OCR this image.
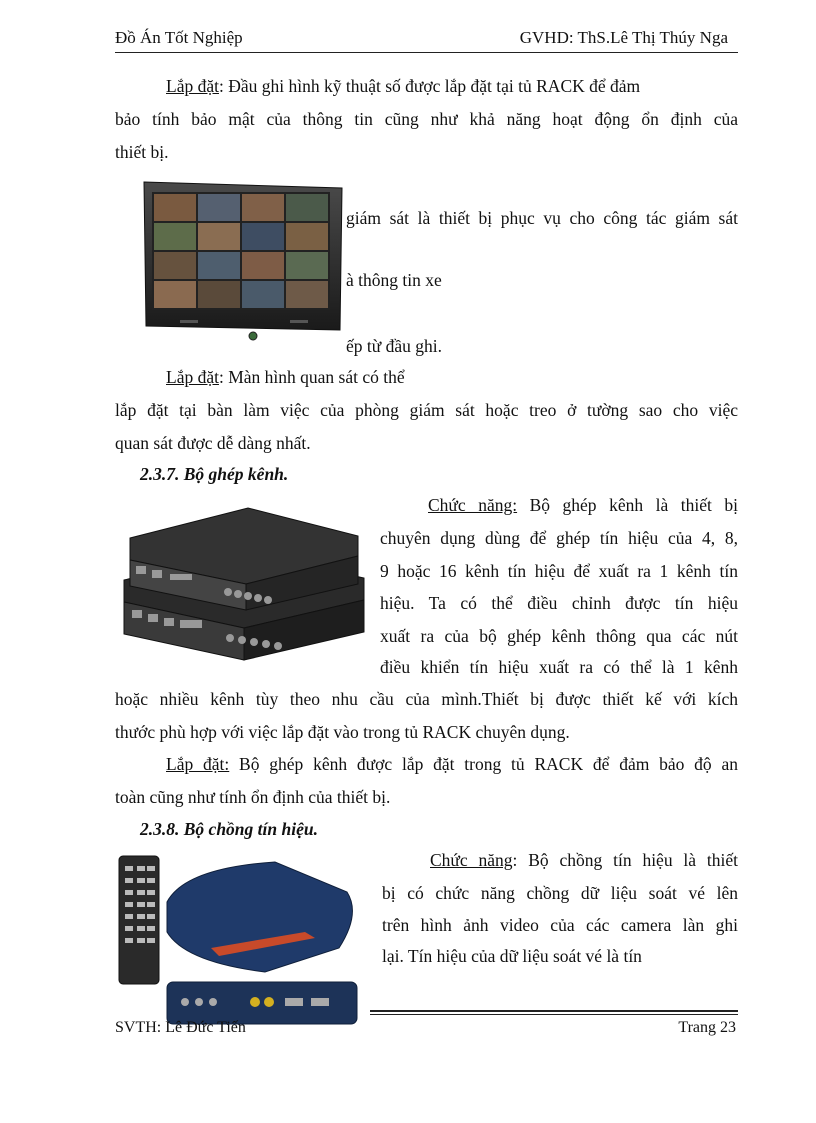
Đồ Án Tốt Nghiệp	GVHD: ThS.Lê Thị Thúy Nga
Lắp đặt: Đầu ghi hình kỹ thuật số được lắp đặt tại tủ RACK để đảm
bảo tính bảo mật của thông tin cũng như khả năng hoạt động ổn định của
thiết bị.
giám sát là thiết bị phục vụ cho công tác giám sát
à thông tin xe
ếp từ đầu ghi.
Lắp đặt: Màn hình quan sát có thể
lắp đặt tại bàn làm việc của phòng giám sát hoặc treo ở tường sao cho việc
quan sát được dễ dàng nhất.
2.3.7. Bộ ghép kênh.
Chức năng: Bộ ghép kênh là thiết bị
chuyên dụng dùng để ghép tín hiệu của 4, 8,
9 hoặc 16 kênh tín hiệu để xuất ra 1 kênh tín
hiệu. Ta có thể điều chỉnh được tín hiệu
xuất ra của bộ ghép kênh thông qua các nút
điều khiển tín hiệu xuất ra có thể là 1 kênh
hoặc nhiều kênh tùy theo nhu cầu của mình.Thiết bị được thiết kế với kích
thước phù hợp với việc lắp đặt vào trong tủ RACK chuyên dụng.
Lắp đặt: Bộ ghép kênh được lắp đặt trong tủ RACK để đảm bảo độ an
toàn cũng như tính ổn định của thiết bị.
2.3.8. Bộ chồng tín hiệu.
Chức năng: Bộ chồng tín hiệu là thiết
bị có chức năng chồng dữ liệu soát vé lên
trên hình ảnh video của các camera làn ghi
lại. Tín hiệu của dữ liệu soát vé là tín
SVTH: Lê Đức Tiến	Trang 23
